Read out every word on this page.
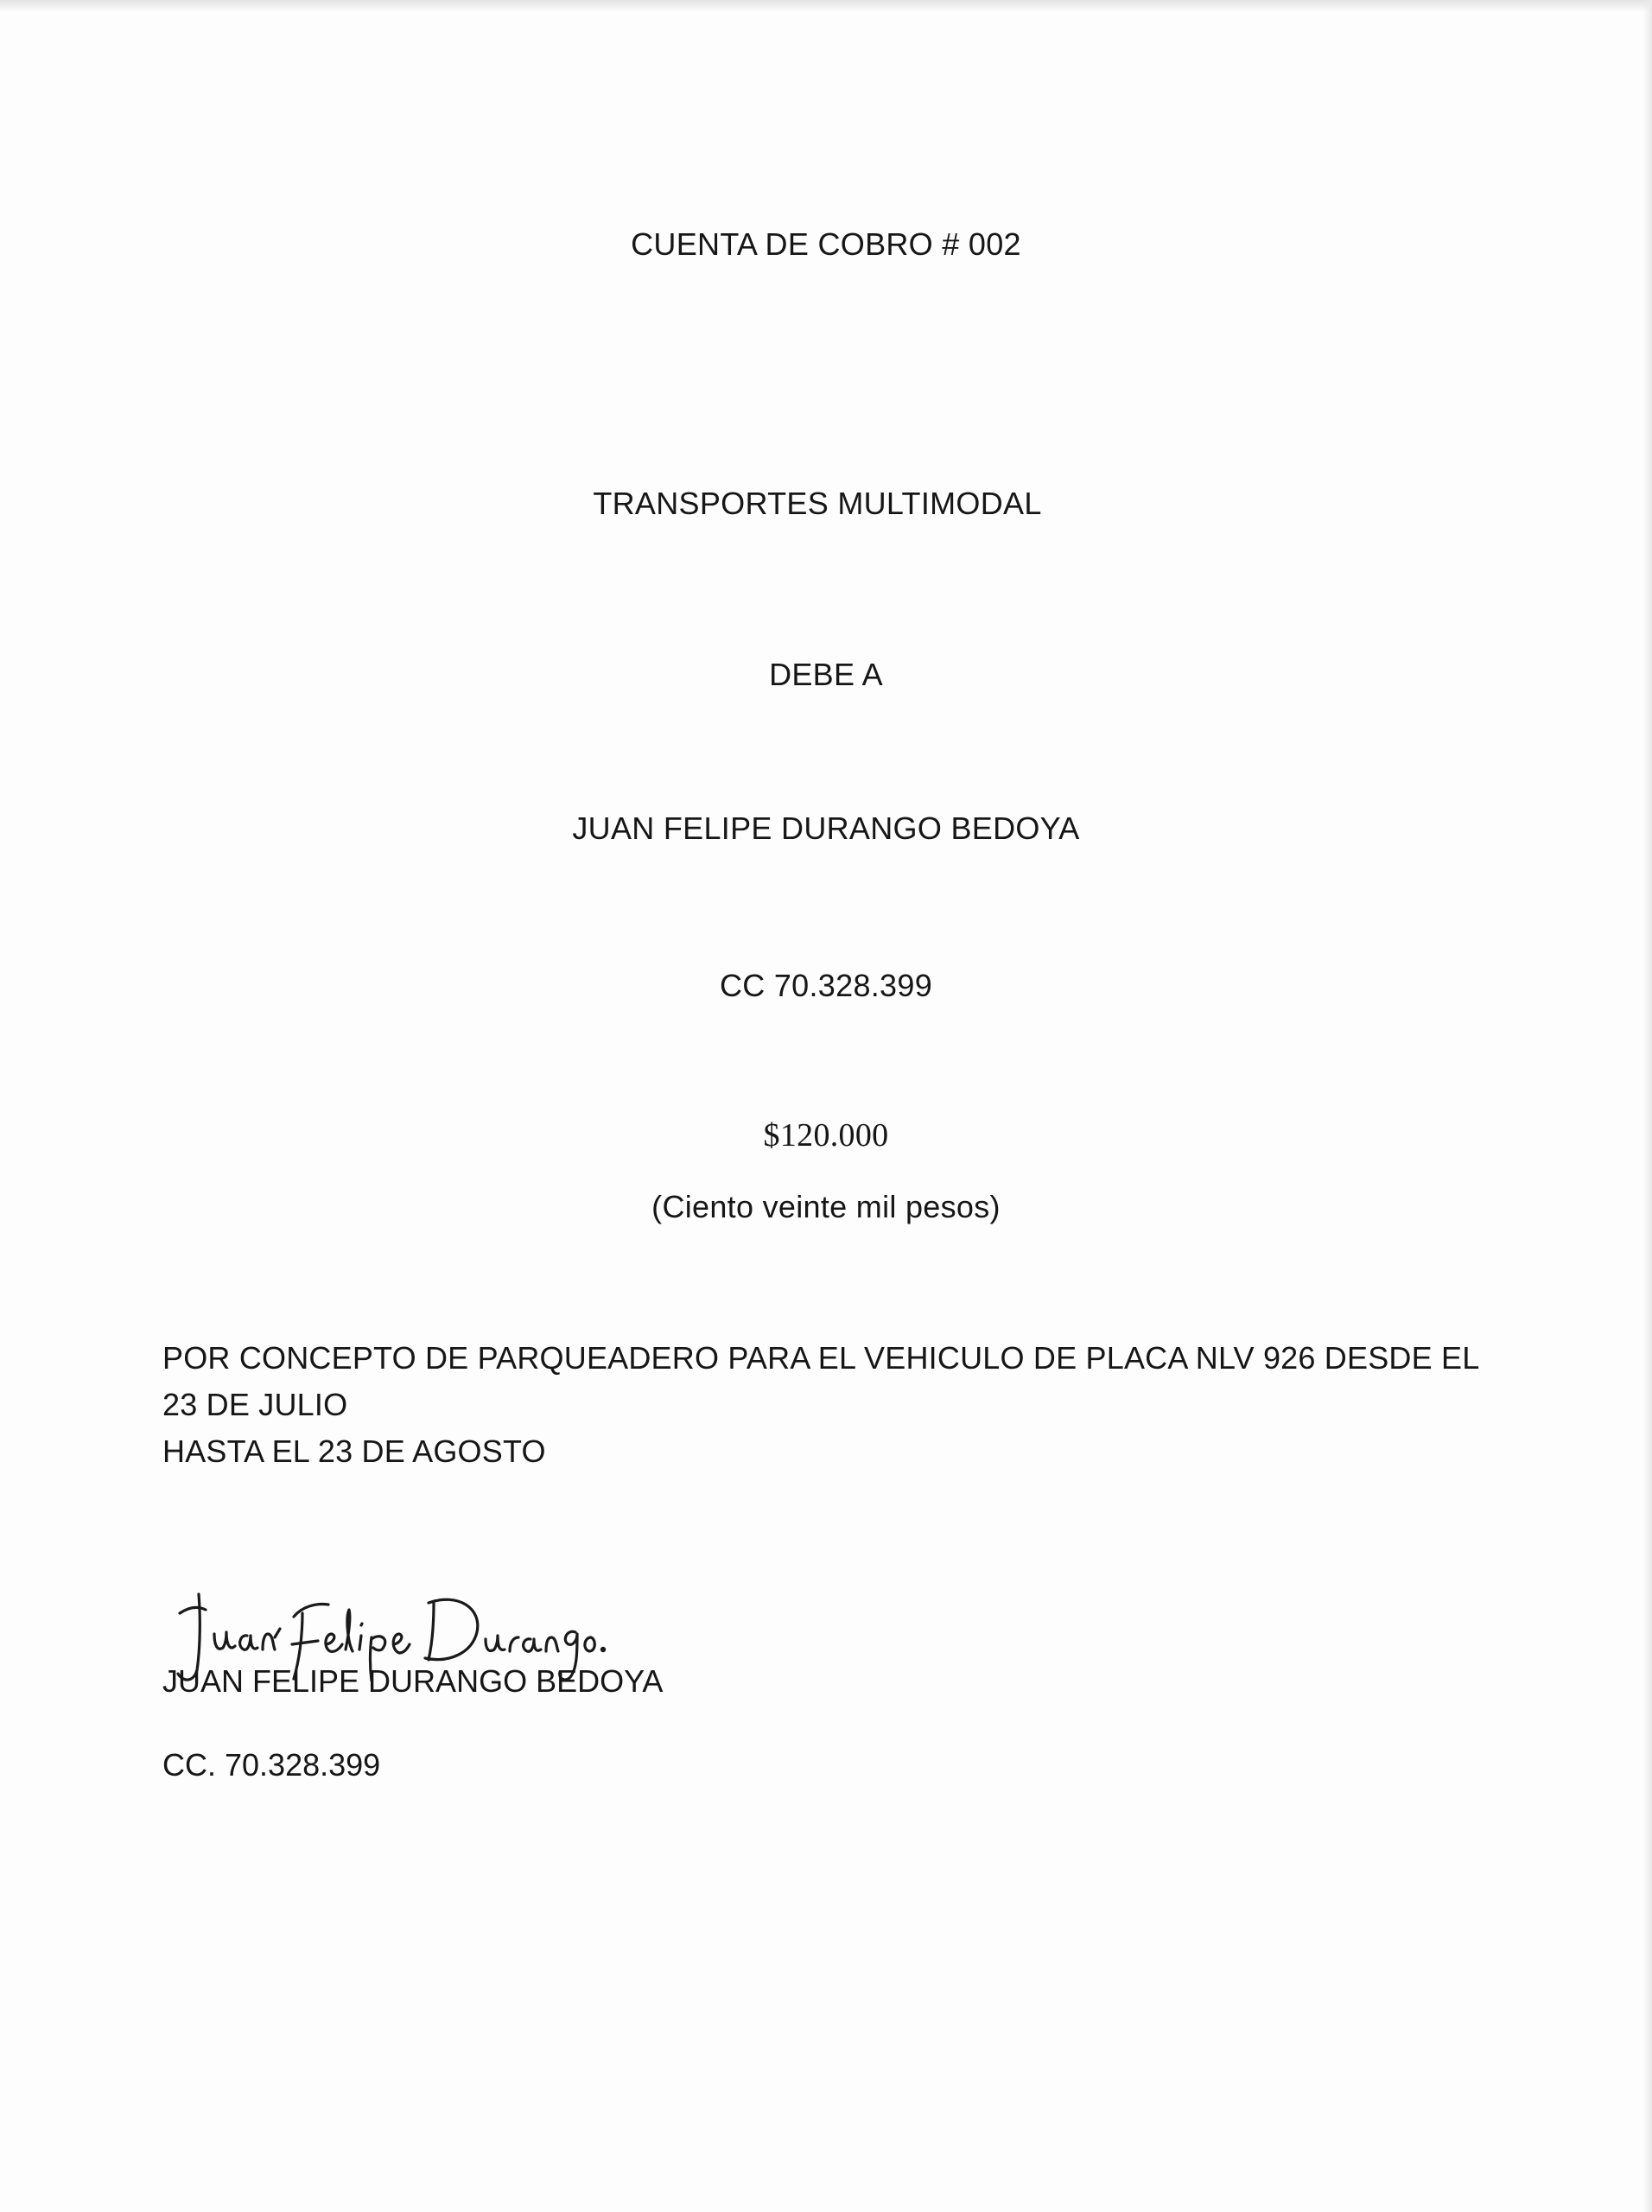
CUENTA DE COBRO # 002
TRANSPORTES MULTIMODAL
DEBE A
JUAN FELIPE DURANGO BEDOYA
CC 70.328.399
$120.000
(Ciento veinte mil pesos)
POR CONCEPTO DE PARQUEADERO PARA EL VEHICULO DE PLACA NLV 926 DESDE EL 23 DE JULIO
HASTA EL 23 DE AGOSTO
JUAN FELIPE DURANGO BEDOYA
CC. 70.328.399
